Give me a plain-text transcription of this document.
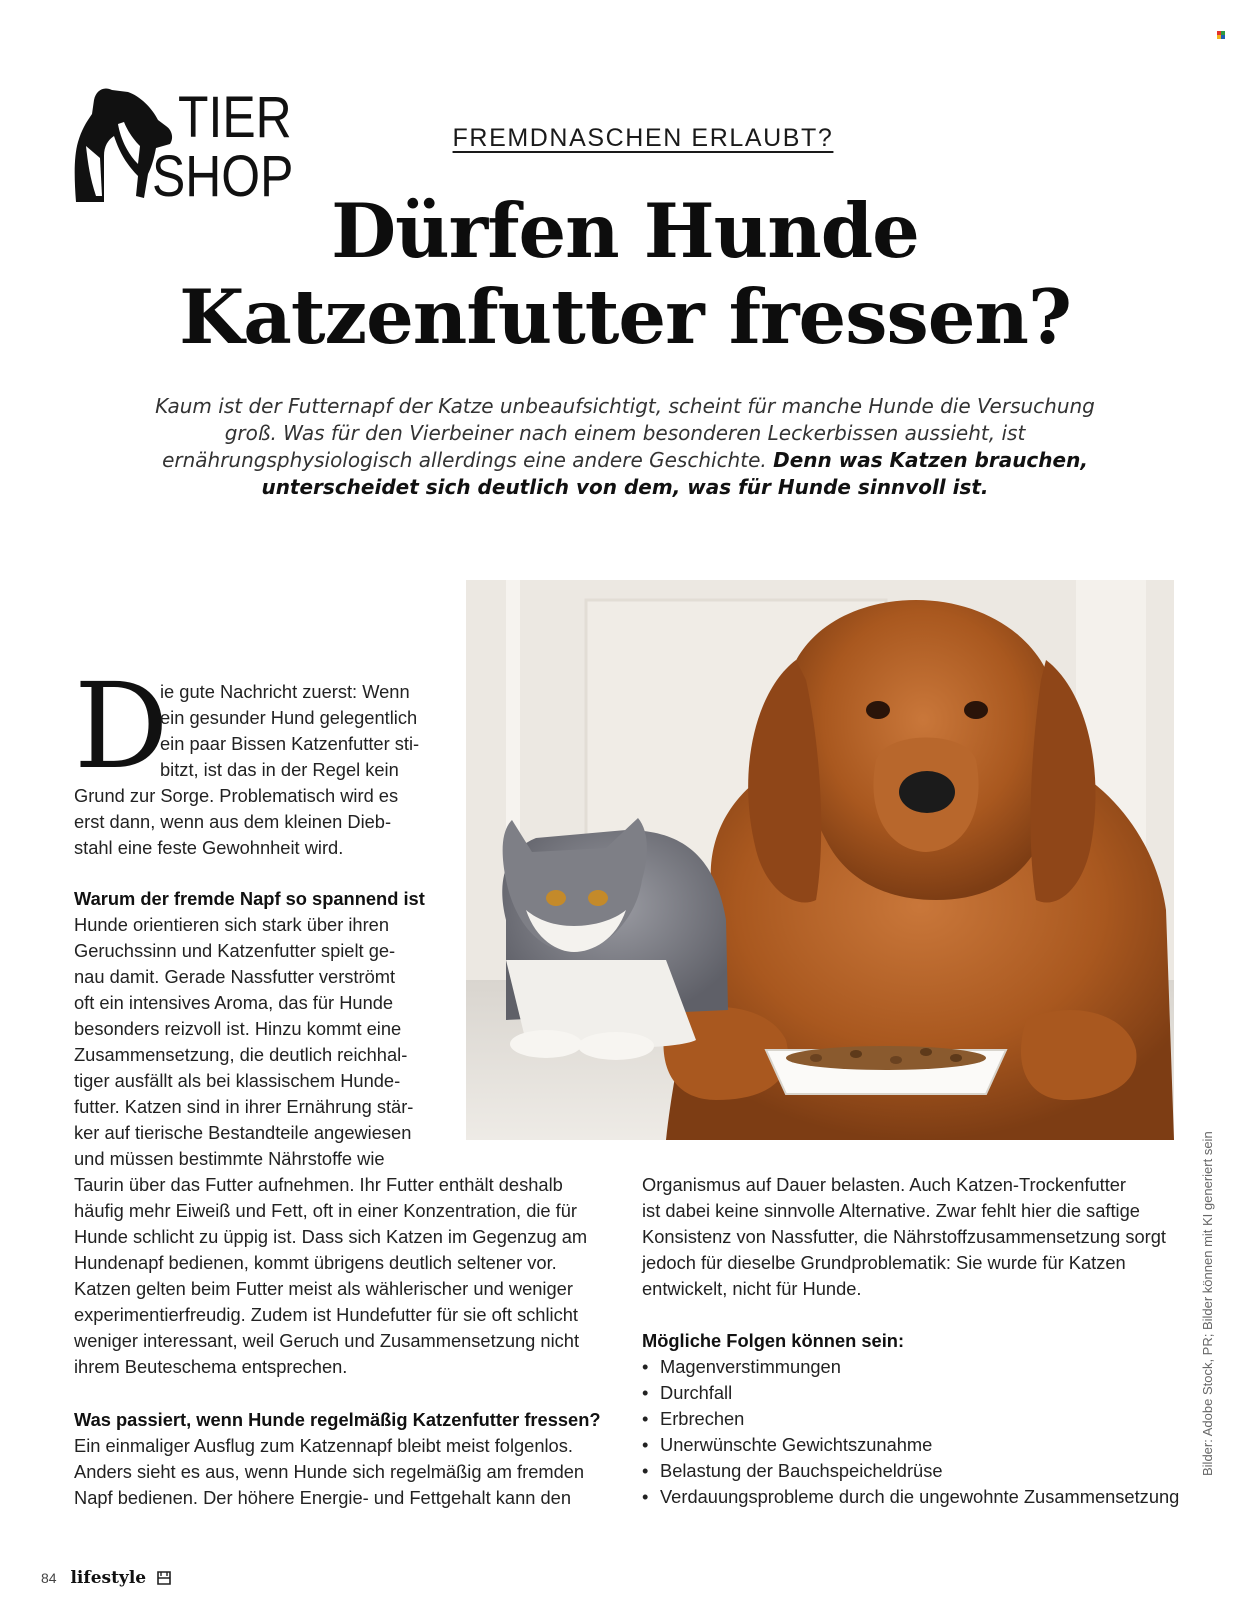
TIER
SHOP
FREMDNASCHEN ERLAUBT?
Dürfen Hunde
Katzenfutter fressen?
Kaum ist der Futternapf der Katze unbeaufsichtigt, scheint für manche Hunde die Versuchung groß. Was für den Vierbeiner nach einem besonderen Leckerbissen aussieht, ist ernährungsphysiologisch allerdings eine andere Geschichte. Denn was Katzen brauchen, unterscheidet sich deutlich von dem, was für Hunde sinnvoll ist.
D

ie gute Nachricht zuerst: Wenn

ein gesunder Hund gelegentlich

ein paar Bissen Katzenfutter sti-

bitzt, ist das in der Regel kein

Grund zur Sorge. Problematisch wird es

erst dann, wenn aus dem kleinen Dieb-

stahl eine feste Gewohnheit wird.

Warum der fremde Napf so spannend ist

Hunde orientieren sich stark über ihren

Geruchssinn und Katzenfutter spielt ge-

nau damit. Gerade Nassfutter verströmt

oft ein intensives Aroma, das für Hunde

besonders reizvoll ist. Hinzu kommt eine

Zusammensetzung, die deutlich reichhal-

tiger ausfällt als bei klassischem Hunde-

futter. Katzen sind in ihrer Ernährung stär-

ker auf tierische Bestandteile angewiesen

und müssen bestimmte Nährstoffe wie

Taurin über das Futter aufnehmen. Ihr Futter enthält deshalb

häufig mehr Eiweiß und Fett, oft in einer Konzentration, die für

Hunde schlicht zu üppig ist. Dass sich Katzen im Gegenzug am

Hundenapf bedienen, kommt übrigens deutlich seltener vor.

Katzen gelten beim Futter meist als wählerischer und weniger

experimentierfreudig. Zudem ist Hundefutter für sie oft schlicht

weniger interessant, weil Geruch und Zusammensetzung nicht

ihrem Beuteschema entsprechen.

Was passiert, wenn Hunde regelmäßig Katzenfutter fressen?

Ein einmaliger Ausflug zum Katzennapf bleibt meist folgenlos.

Anders sieht es aus, wenn Hunde sich regelmäßig am fremden

Napf bedienen. Der höhere Energie- und Fettgehalt kann den

Organismus auf Dauer belasten. Auch Katzen-Trockenfutter

ist dabei keine sinnvolle Alternative. Zwar fehlt hier die saftige

Konsistenz von Nassfutter, die Nährstoffzusammensetzung sorgt

jedoch für dieselbe Grundproblematik: Sie wurde für Katzen

entwickelt, nicht für Hunde.

Mögliche Folgen können sein:
• Magenverstimmungen
• Durchfall
• Erbrechen
• Unerwünschte Gewichtszunahme
• Belastung der Bauchspeicheldrüse
• Verdauungsprobleme durch die ungewohnte Zusammensetzung
Bilder: Adobe Stock, PR; Bilder können mit KI generiert sein
84 lifestyle
